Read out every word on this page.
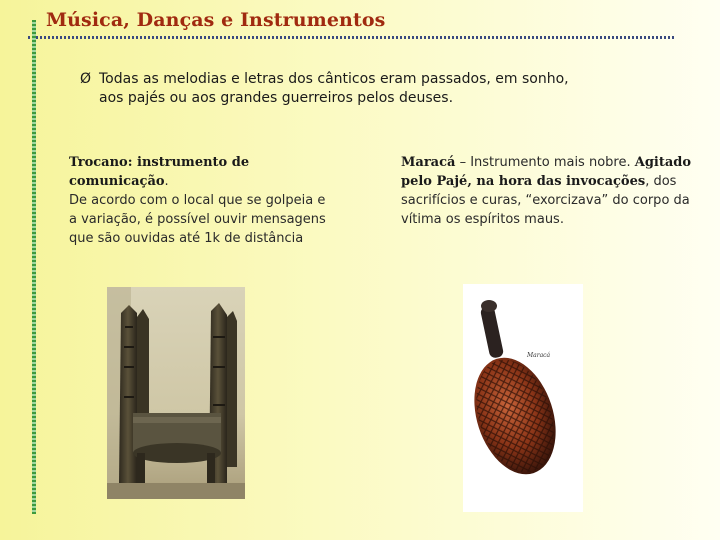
Música, Danças e Instrumentos
Ø Todas as melodias e letras dos cânticos eram passados, em sonho,
aos pajés ou aos grandes guerreiros pelos deuses.
Trocano: instrumento de comunicação.
De acordo com o local que se golpeia e
a variação, é possível ouvir mensagens
que são ouvidas até 1k de distância
Maracá – Instrumento mais nobre. Agitado
pelo Pajé, na hora das invocações, dos
sacrifícios e curas, “exorcizava” do corpo da
vítima os espíritos maus.
Maracá
